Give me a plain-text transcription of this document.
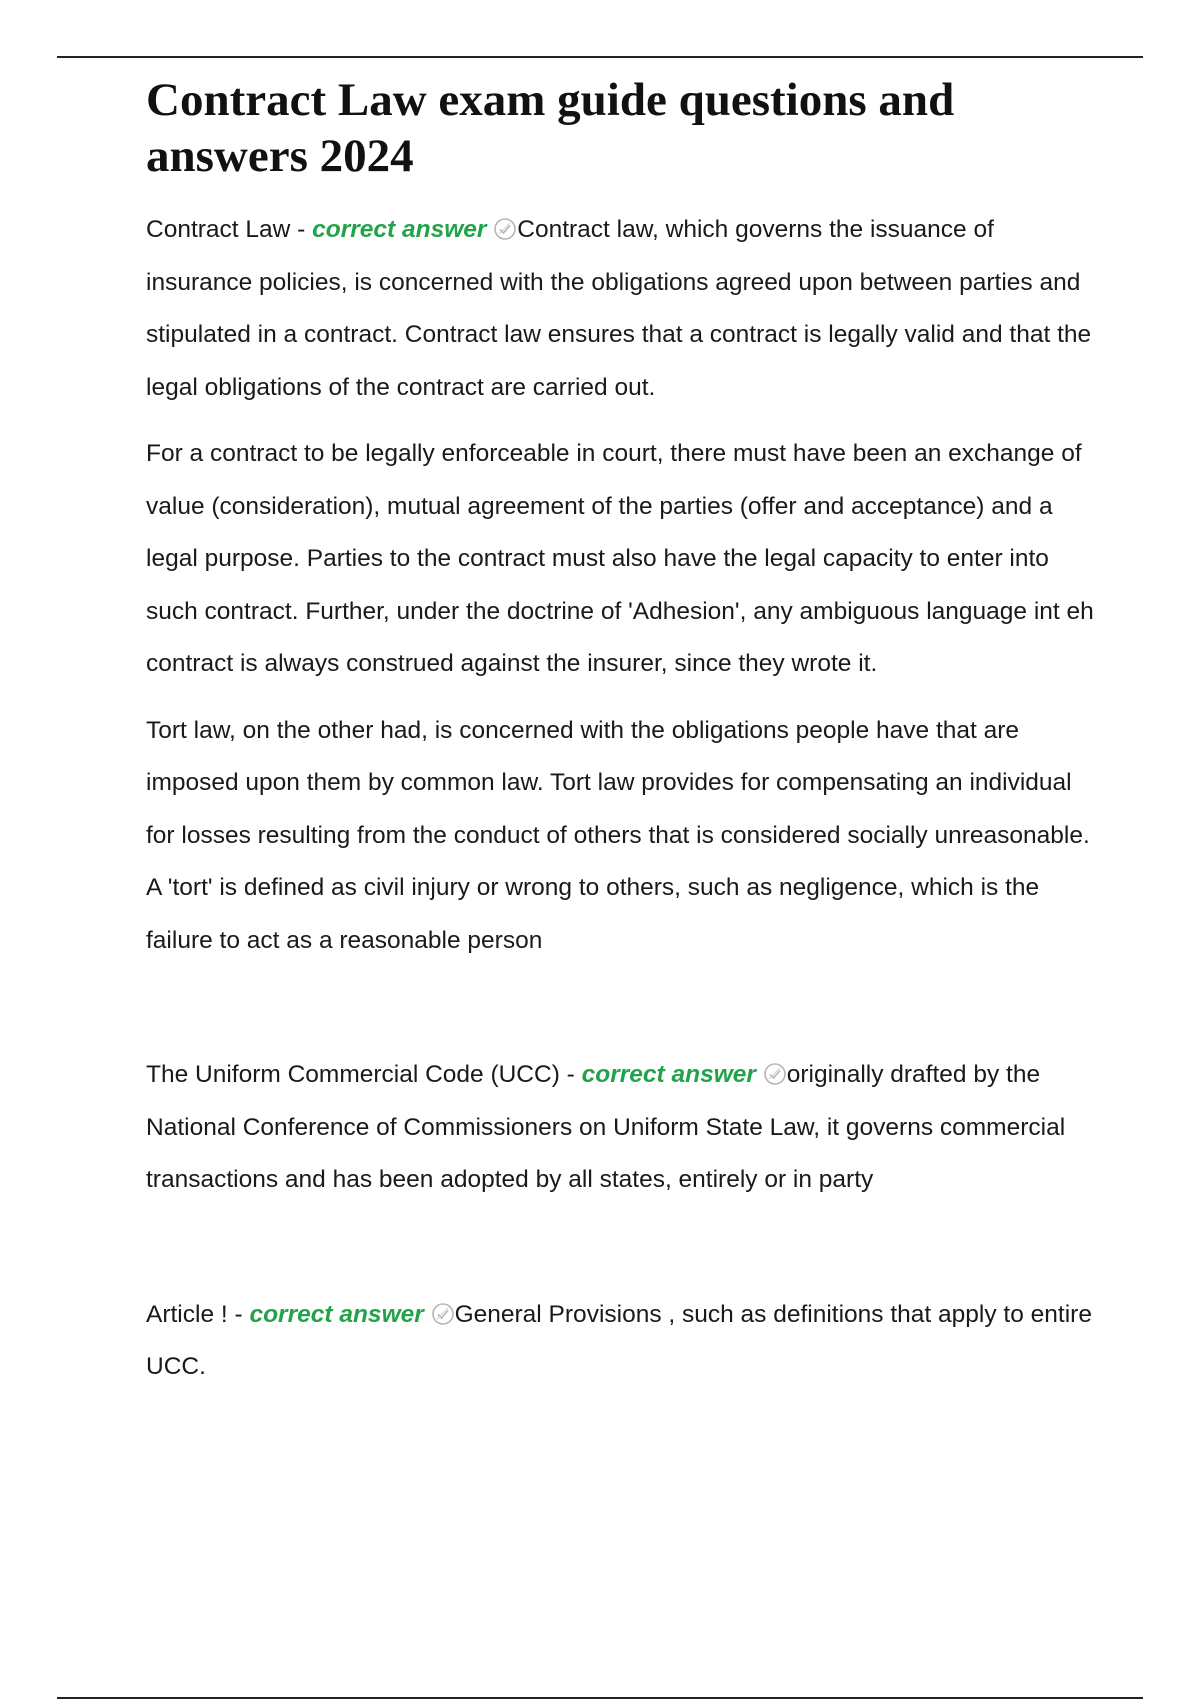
Contract Law exam guide questions and answers 2024

Contract Law - correct answer Contract law, which governs the issuance of insurance policies, is concerned with the obligations agreed upon between parties and stipulated in a contract. Contract law ensures that a contract is legally valid and that the legal obligations of the contract are carried out.

For a contract to be legally enforceable in court, there must have been an exchange of value (consideration), mutual agreement of the parties (offer and acceptance) and a legal purpose. Parties to the contract must also have the legal capacity to enter into such contract. Further, under the doctrine of 'Adhesion', any ambiguous language int eh contract is always construed against the insurer, since they wrote it.

Tort law, on the other had, is concerned with the obligations people have that are imposed upon them by common law. Tort law provides for compensating an individual for losses resulting from the conduct of others that is considered socially unreasonable. A 'tort' is defined as civil injury or wrong to others, such as negligence, which is the failure to act as a reasonable person

The Uniform Commercial Code (UCC) - correct answer originally drafted by the National Conference of Commissioners on Uniform State Law, it governs commercial transactions and has been adopted by all states, entirely or in party

Article ! - correct answer General Provisions , such as definitions that apply to entire UCC.
